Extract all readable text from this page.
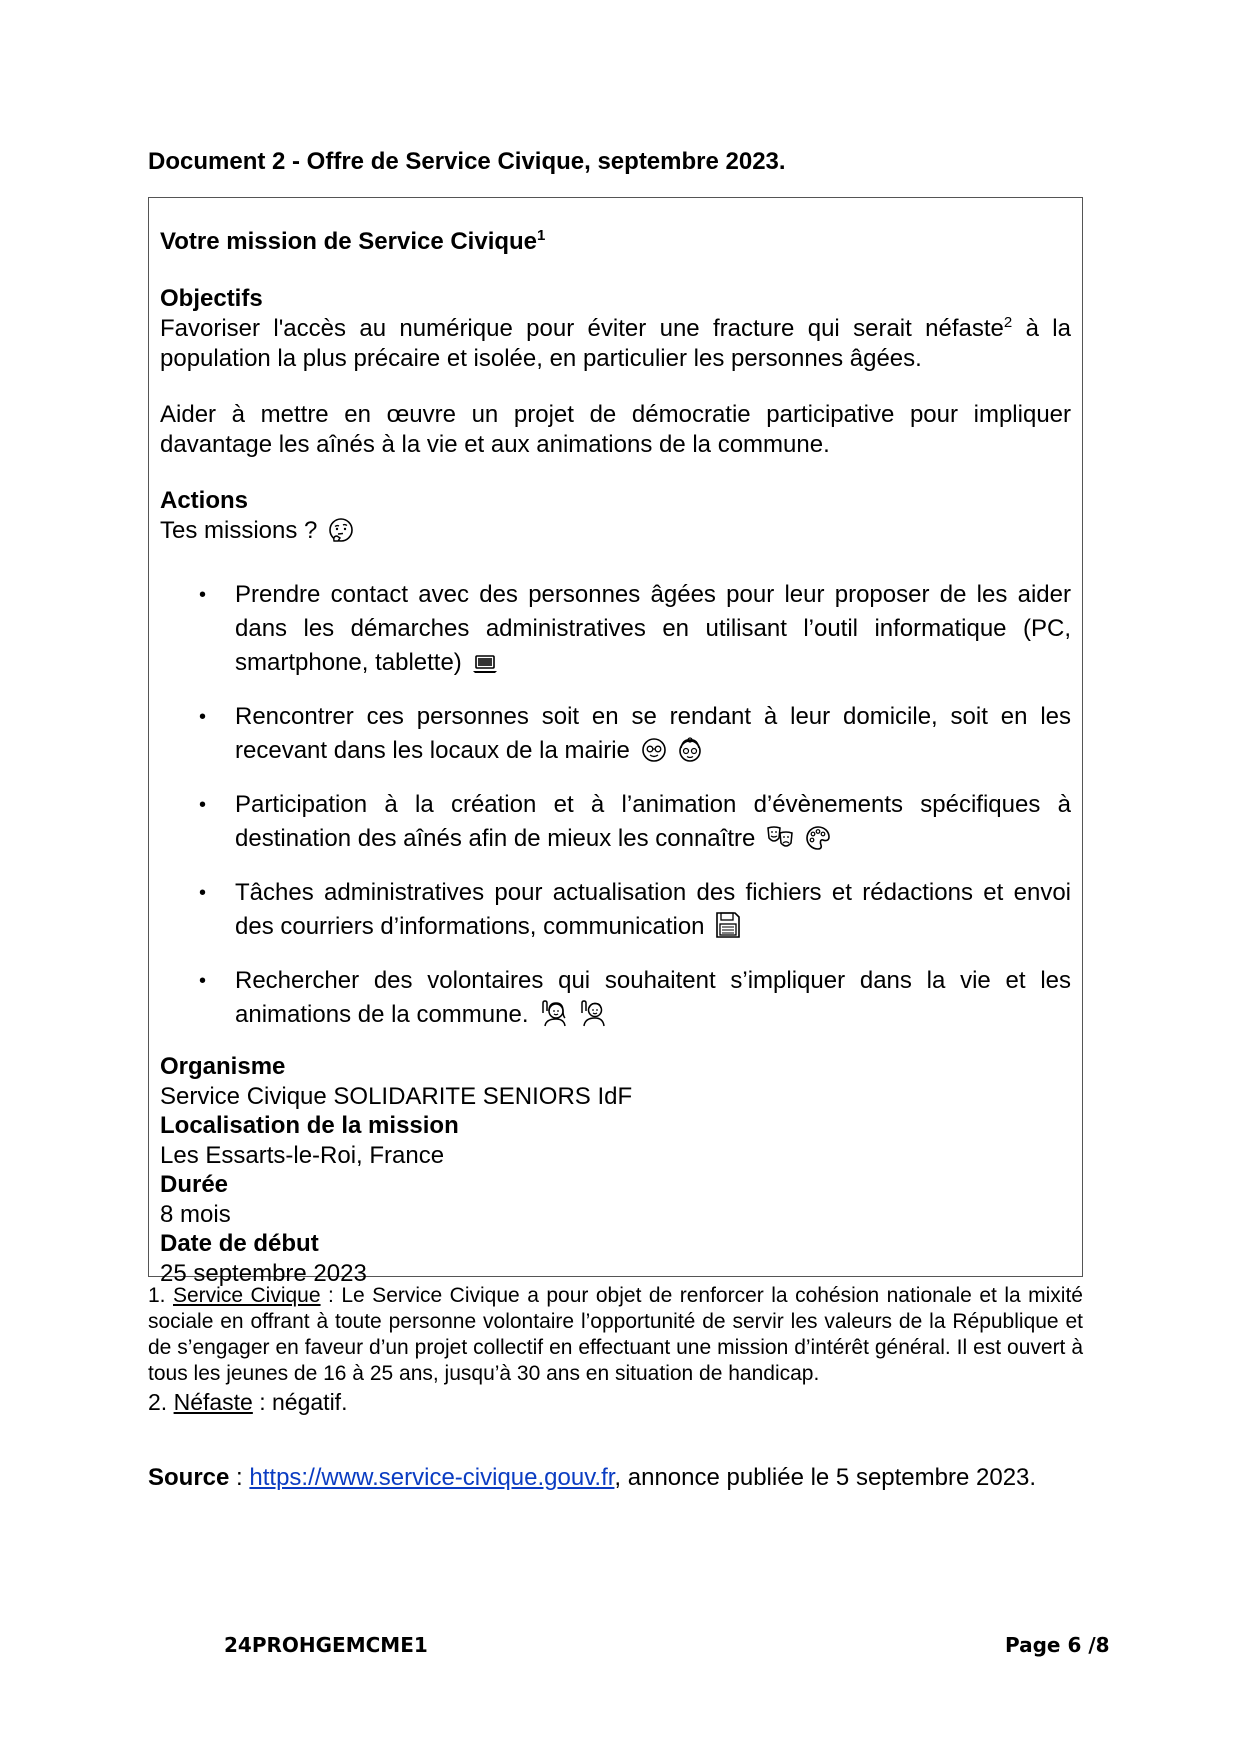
Document 2 - Offre de Service Civique, septembre 2023.
Votre mission de Service Civique$^1$
Objectifs

Favoriser l'accès au numérique pour éviter une fracture qui serait néfaste$^2$ à la population la plus précaire et isolée, en particulier les personnes âgées.

Aider à mettre en œuvre un projet de démocratie participative pour impliquer davantage les aînés à la vie et aux animations de la commune.

Actions

Tes missions ?

• Prendre contact avec des personnes âgées pour leur proposer de les aider dans les démarches administratives en utilisant l’outil informatique (PC, smartphone, tablette)
• Rencontrer ces personnes soit en se rendant à leur domicile, soit en les recevant dans les locaux de la mairie
• Participation à la création et à l’animation d’évènements spécifiques à destination des aînés afin de mieux les connaître
• Tâches administratives pour actualisation des fichiers et rédactions et envoi des courriers d’informations, communication
• Rechercher des volontaires qui souhaitent s’impliquer dans la vie et les animations de la commune.
Organisme

Service Civique SOLIDARITE SENIORS IdF

Localisation de la mission

Les Essarts-le-Roi, France

Durée

8 mois

Date de début

25 septembre 2023

1. Service Civique : Le Service Civique a pour objet de renforcer la cohésion nationale et la mixité sociale en offrant à toute personne volontaire l’opportunité de servir les valeurs de la République et de s’engager en faveur d’un projet collectif en effectuant une mission d’intérêt général. Il est ouvert à tous les jeunes de 16 à 25 ans, jusqu’à 30 ans en situation de handicap.

2. Néfaste : négatif.

Source : https://www.service-civique.gouv.fr, annonce publiée le 5 septembre 2023.

24PROHGEMCME1	Page 6 /8
